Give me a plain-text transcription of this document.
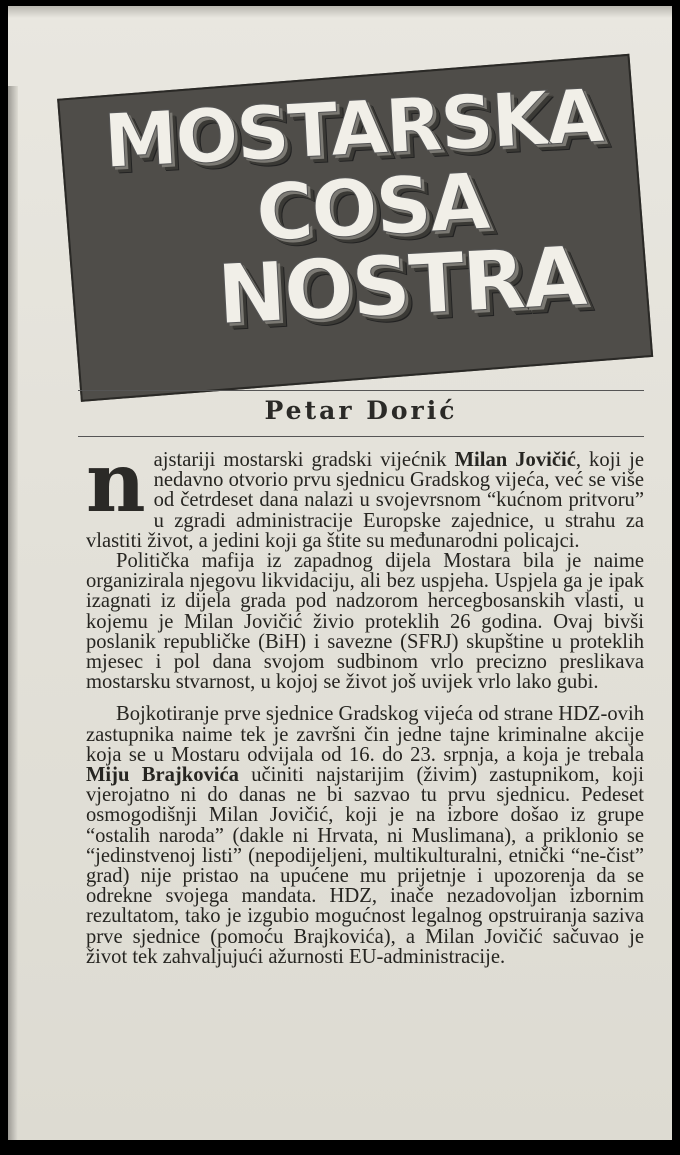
MOSTARSKA
COSA
NOSTRA
Petar Dorić

najstariji mostarski gradski vijećnik Milan Jovičić, koji je nedavno otvorio prvu sjednicu Gradskog vijeća, već se više od četrdeset dana nalazi u svojevrsnom “kućnom pritvoru” u zgradi administracije Europske zajednice, u strahu za vlastiti život, a jedini koji ga štite su međunarodni policajci.

Politička mafija iz zapadnog dijela Mostara bila je naime organizirala njegovu likvidaciju, ali bez uspjeha. Uspjela ga je ipak izagnati iz dijela grada pod nadzorom hercegbosanskih vlasti, u kojemu je Milan Jovičić živio proteklih 26 godina. Ovaj bivši poslanik republičke (BiH) i savezne (SFRJ) skupštine u proteklih mjesec i pol dana svojom sudbinom vrlo precizno preslikava mostarsku stvarnost, u kojoj se život još uvijek vrlo lako gubi.

Bojkotiranje prve sjednice Gradskog vijeća od strane HDZ-ovih zastupnika naime tek je završni čin jedne tajne kriminalne akcije koja se u Mostaru odvijala od 16. do 23. srpnja, a koja je trebala Miju Brajkovića učiniti najstarijim (živim) zastupnikom, koji vjerojatno ni do danas ne bi sazvao tu prvu sjednicu. Pedeset osmogodišnji Milan Jovičić, koji je na izbore došao iz grupe “ostalih naroda” (dakle ni Hrvata, ni Muslimana), a priklonio se “jedinstvenoj listi” (nepodijeljeni, multikulturalni, etnički “ne-čist” grad) nije pristao na upućene mu prijetnje i upozorenja da se odrekne svojega mandata. HDZ, inače nezadovoljan izbornim rezultatom, tako je izgubio mogućnost legalnog opstruiranja saziva prve sjednice (pomoću Brajkovića), a Milan Jovičić sačuvao je život tek zahvaljujući ažurnosti EU-administracije.
